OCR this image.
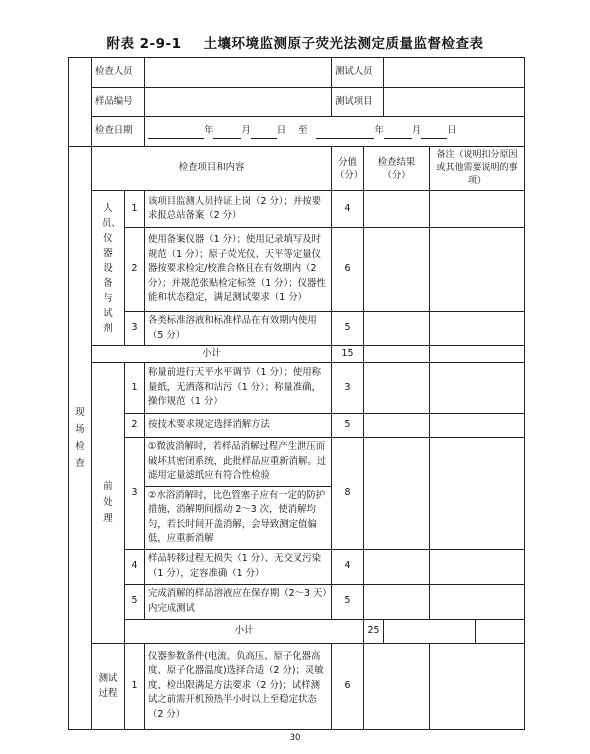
附表 2-9-1 土壤环境监测原子荧光法测定质量监督检查表
	检查人员			测试人员				
	样品编号			测试项目				
	检查日期		年 月 日 至 年 月 日					

现场检查	检查项目和内容			分值（分）	检查结果（分）		备注（说明扣分原因或其他需要说明的事项）	

	人员、仪器设备与试剂	1	该项目监测人员持证上岗（2 分）；并按要求报总站备案（2 分）	4				
		2	使用备案仪器（1 分）；使用记录填写及时规范（1 分）；原子荧光仪、天平等定量仪器按要求检定/校准合格且在有效期内（2 分）；并规范张贴检定标签（1 分）；仪器性能和状态稳定，满足测试要求（1 分）	6				
		3	各类标准溶液和标准样品在有效期内使用（5 分）	5				
	小计			15				

	前处理	1	称量前进行天平水平调节（1 分）；使用称量纸，无洒落和沾污（1 分）；称量准确，操作规范（1 分）	3				
		2	按技术要求规定选择消解方法	5				
		3	①微波消解时，若样品消解过程产生泄压而破坏其密闭系统，此批样品应重新消解。过滤用定量滤纸应有符合性检验
②水浴消解时，比色管塞子应有一定的防护措施，消解期间摇动 2～3 次，使消解均匀，若长时间开盖消解，会导致测定值偏低，应重新消解	8				
		4	样品转移过程无损失（1 分）、无交叉污染（1 分），定容准确（1 分）	4				
		5	完成消解的样品溶液应在保存期（2～3 天）内完成测试	5				
		小计			25			

	测试过程	1	仪器参数条件(电流、负高压、原子化器高度、原子化器温度)选择合适（2 分)；灵敏度、检出限满足方法要求（2 分)；试样测试之前需开机预热半小时以上至稳定状态（2 分）	6				
30
